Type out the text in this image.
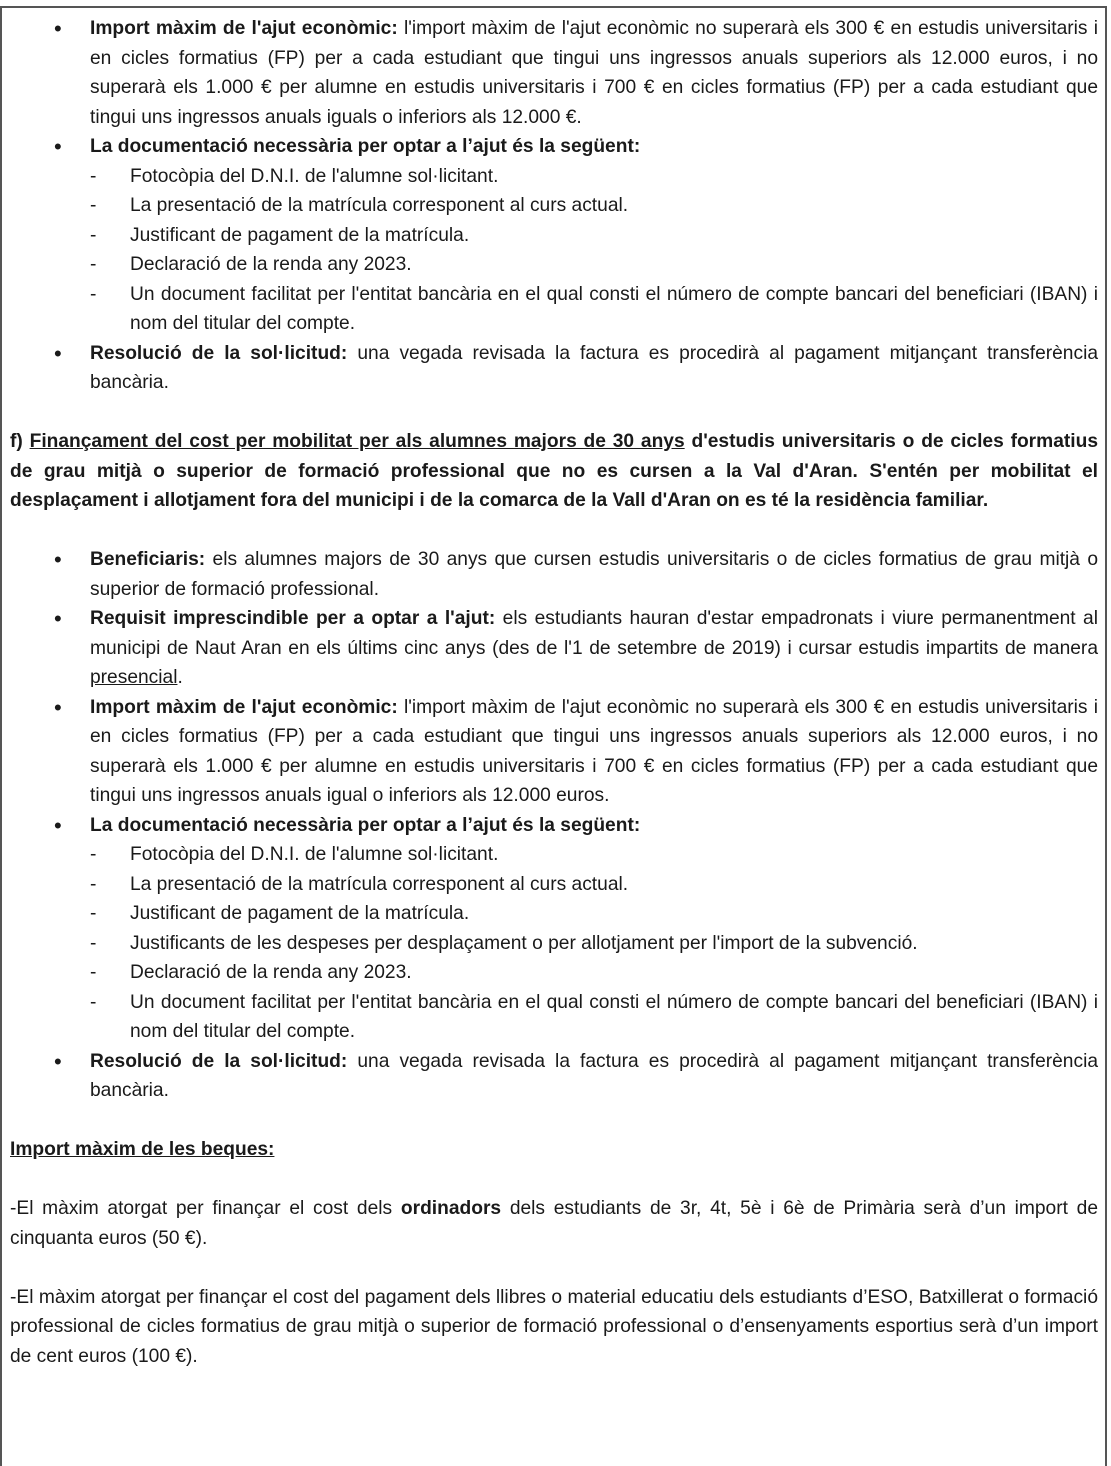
• Import màxim de l'ajut econòmic: l'import màxim de l'ajut econòmic no superarà els 300 € en estudis universitaris i en cicles formatius (FP) per a cada estudiant que tingui uns ingressos anuals superiors als 12.000 euros, i no superarà els 1.000 € per alumne en estudis universitaris i 700 € en cicles formatius (FP) per a cada estudiant que tingui uns ingressos anuals iguals o inferiors als 12.000 €.
• La documentació necessària per optar a l’ajut és la següent:
- Fotocòpia del D.N.I. de l'alumne sol·licitant.
- La presentació de la matrícula corresponent al curs actual.
- Justificant de pagament de la matrícula.
- Declaració de la renda any 2023.
- Un document facilitat per l'entitat bancària en el qual consti el número de compte bancari del beneficiari (IBAN) i nom del titular del compte.
• Resolució de la sol·licitud: una vegada revisada la factura es procedirà al pagament mitjançant transferència bancària.

f) Finançament del cost per mobilitat per als alumnes majors de 30 anys d'estudis universitaris o de cicles formatius de grau mitjà o superior de formació professional que no es cursen a la Val d'Aran. S'entén per mobilitat el desplaçament i allotjament fora del municipi i de la comarca de la Vall d'Aran on es té la residència familiar.

• Beneficiaris: els alumnes majors de 30 anys que cursen estudis universitaris o de cicles formatius de grau mitjà o superior de formació professional.
• Requisit imprescindible per a optar a l'ajut: els estudiants hauran d'estar empadronats i viure permanentment al municipi de Naut Aran en els últims cinc anys (des de l'1 de setembre de 2019) i cursar estudis impartits de manera presencial.
• Import màxim de l'ajut econòmic: l'import màxim de l'ajut econòmic no superarà els 300 € en estudis universitaris i en cicles formatius (FP) per a cada estudiant que tingui uns ingressos anuals superiors als 12.000 euros, i no superarà els 1.000 € per alumne en estudis universitaris i 700 € en cicles formatius (FP) per a cada estudiant que tingui uns ingressos anuals igual o inferiors als 12.000 euros.
• La documentació necessària per optar a l’ajut és la següent:
- Fotocòpia del D.N.I. de l'alumne sol·licitant.
- La presentació de la matrícula corresponent al curs actual.
- Justificant de pagament de la matrícula.
- Justificants de les despeses per desplaçament o per allotjament per l'import de la subvenció.
- Declaració de la renda any 2023.
- Un document facilitat per l'entitat bancària en el qual consti el número de compte bancari del beneficiari (IBAN) i nom del titular del compte.
• Resolució de la sol·licitud: una vegada revisada la factura es procedirà al pagament mitjançant transferència bancària.

Import màxim de les beques:

-El màxim atorgat per finançar el cost dels ordinadors dels estudiants de 3r, 4t, 5è i 6è de Primària serà d’un import de cinquanta euros (50 €).

-El màxim atorgat per finançar el cost del pagament dels llibres o material educatiu dels estudiants d’ESO, Batxillerat o formació professional de cicles formatius de grau mitjà o superior de formació professional o d’ensenyaments esportius serà d’un import de cent euros (100 €).
